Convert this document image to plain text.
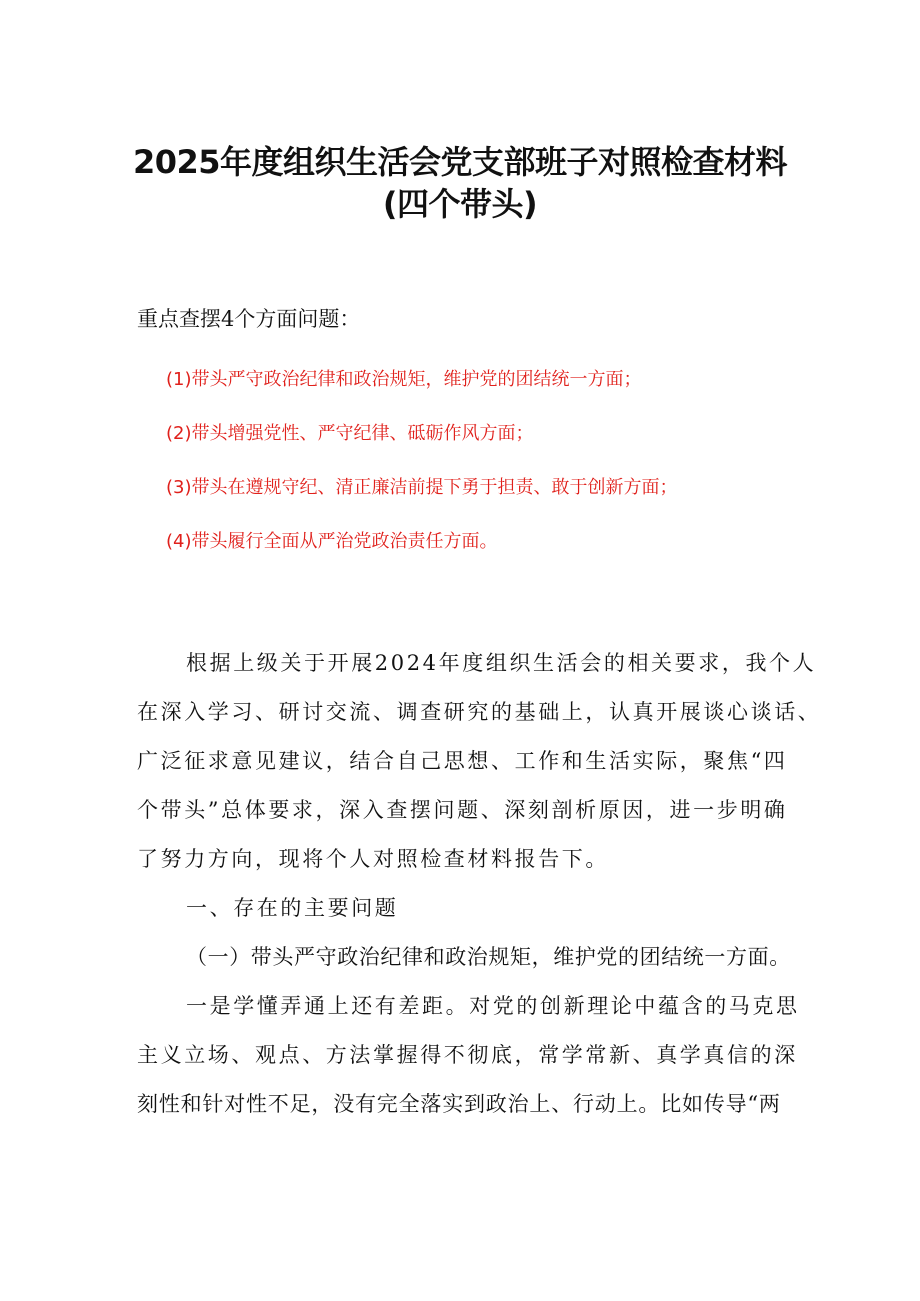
2025年度组织生活会党支部班子对照检查材料
(四个带头)
重点查摆4个方面问题：
(1)带头严守政治纪律和政治规矩，维护党的团结统一方面；
(2)带头增强党性、严守纪律、砥砺作风方面；
(3)带头在遵规守纪、清正廉洁前提下勇于担责、敢于创新方面；
(4)带头履行全面从严治党政治责任方面。
根据上级关于开展2024年度组织生活会的相关要求，我个人
在深入学习、研讨交流、调查研究的基础上，认真开展谈心谈话、
广泛征求意见建议，结合自己思想、工作和生活实际，聚焦“四
个带头”总体要求，深入查摆问题、深刻剖析原因，进一步明确
了努力方向，现将个人对照检查材料报告下。
一、存在的主要问题
（一）带头严守政治纪律和政治规矩，维护党的团结统一方面。
一是学懂弄通上还有差距。对党的创新理论中蕴含的马克思
主义立场、观点、方法掌握得不彻底，常学常新、真学真信的深
刻性和针对性不足，没有完全落实到政治上、行动上。比如传导“两
